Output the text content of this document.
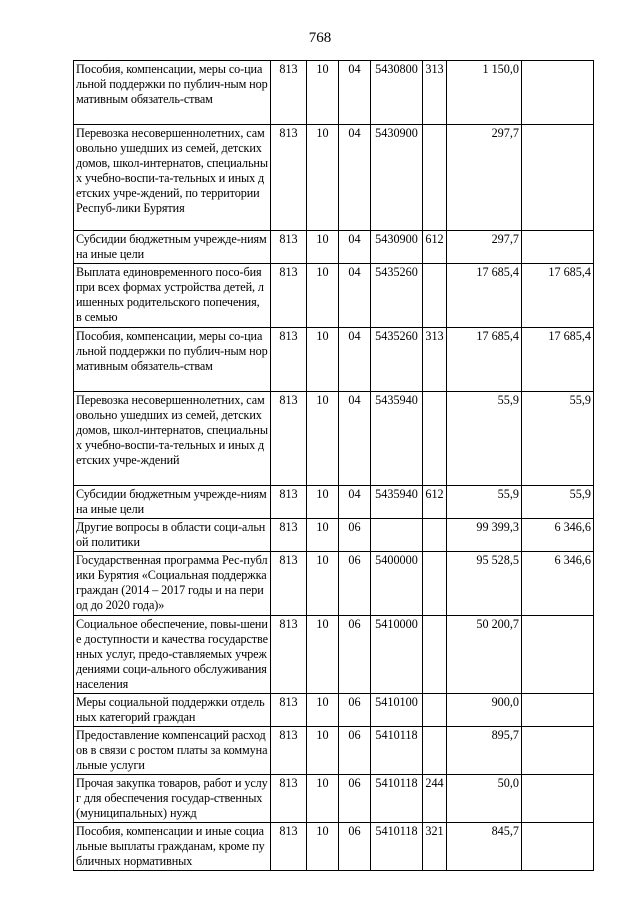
768
Пособия, компенсации, меры со-циальной поддержки по публич-ным нормативным обязатель-ствам	813	10	04	5430800	313	1 150,0	
Перевозка несовершеннолетних, самовольно ушедших из семей, детских домов, школ-интернатов, специальных учебно-воспи-та-тельных и иных детских учре-ждений, по территории Респуб-лики Бурятия	813	10	04	5430900		297,7	
Субсидии бюджетным учрежде-ниям на иные цели	813	10	04	5430900	612	297,7	
Выплата единовременного посо-бия при всех формах устройства детей, лишенных родительского попечения, в семью	813	10	04	5435260		17 685,4	17 685,4
Пособия, компенсации, меры со-циальной поддержки по публич-ным нормативным обязатель-ствам	813	10	04	5435260	313	17 685,4	17 685,4
Перевозка несовершеннолетних, самовольно ушедших из семей, детских домов, школ-интернатов, специальных учебно-воспи-та-тельных и иных детских учре-ждений	813	10	04	5435940		55,9	55,9
Субсидии бюджетным учрежде-ниям на иные цели	813	10	04	5435940	612	55,9	55,9
Другие вопросы в области соци-альной политики	813	10	06			99 399,3	6 346,6
Государственная программа Рес-публики Бурятия «Социальная поддержка граждан (2014 – 2017 годы и на период до 2020 года)»	813	10	06	5400000		95 528,5	6 346,6
Социальное обеспечение, повы-шение доступности и качества государственных услуг, предо-ставляемых учреждениями соци-ального обслуживания населения	813	10	06	5410000		50 200,7	
Меры социальной поддержки отдельных категорий граждан	813	10	06	5410100		900,0	
Предоставление компенсаций расходов в связи с ростом платы за коммунальные услуги	813	10	06	5410118		895,7	
Прочая закупка товаров, работ и услуг для обеспечения государ-ственных (муниципальных) нужд	813	10	06	5410118	244	50,0	
Пособия, компенсации и иные социальные выплаты гражданам, кроме публичных нормативных	813	10	06	5410118	321	845,7	
